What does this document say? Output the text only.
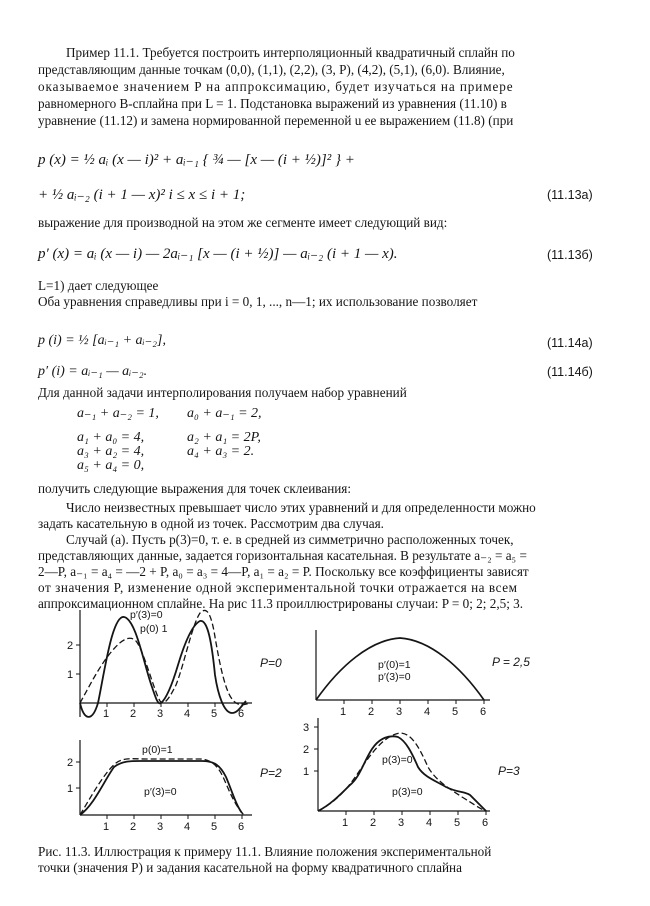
Пример 11.1. Требуется построить интерполяционный квадратичный сплайн по

представляющим данные точкам (0,0), (1,1), (2,2), (3, P), (4,2), (5,1), (6,0). Влияние,

оказываемое значением P на аппроксимацию, будет изучаться на примере

равномерного B-сплайна при L = 1. Подстановка выражений из уравнения (11.10) в

уравнение (11.12) и замена нормированной переменной u ее выражением (11.8) (при

p (x) = ½ aᵢ (x — i)² + aᵢ₋₁ { ¾ — [x — (i + ½)]² } +

+ ½ aᵢ₋₂ (i + 1 — x)² i ≤ x ≤ i + 1;	(11.13а)

выражение для производной на этом же сегменте имеет следующий вид:

p′ (x) = aᵢ (x — i) — 2aᵢ₋₁ [x — (i + ½)] — aᵢ₋₂ (i + 1 — x).	(11.13б)

L=1) дает следующее

Оба уравнения справедливы при i = 0, 1, ..., n—1; их использование позволяет

p (i) = ½ [aᵢ₋₁ + aᵢ₋₂],	(11.14а)

p′ (i) = aᵢ₋₁ — aᵢ₋₂.	(11.14б)

Для данной задачи интерполирования получаем набор уравнений

a₋₁ + a₋₂ = 1, a₀ + a₋₁ = 2,

a₁ + a₀ = 4,	a₂ + a₁ = 2P,

a₃ + a₂ = 4,	a₄ + a₃ = 2.

a₅ + a₄ = 0,

получить следующие выражения для точек склеивания:

Число неизвестных превышает число этих уравнений и для определенности можно

задать касательную в одной из точек. Рассмотрим два случая.

Случай (а). Пусть p(3)=0, т. е. в средней из симметрично расположенных точек,

представляющих данные, задается горизонтальная касательная. В результате a₋₂ = a₅ =

2—P, a₋₁ = a₄ = —2 + P, a₀ = a₃ = 4—P, a₁ = a₂ = P. Поскольку все коэффициенты зависят

от значения P, изменение одной экспериментальной точки отражается на всем

аппроксимационном сплайне. На рис 11.3 проиллюстрированы случаи: P = 0; 2; 2,5; 3.

2
1
1 2 3 4 5 6
p′(3)=0
p(0) 1
P=0
1 2 3 4 5 6
p′(0)=1
p′(3)=0
P = 2,5
2
1
1 2 3 4 5 6
p(0)=1
p′(3)=0
P=2
3
2
1
1 2 3 4 5 6
p(3)=0
p(3)=0
P=3

Рис. 11.3. Иллюстрация к примеру 11.1. Влияние положения экспериментальной

точки (значения P) и задания касательной на форму квадратичного сплайна
